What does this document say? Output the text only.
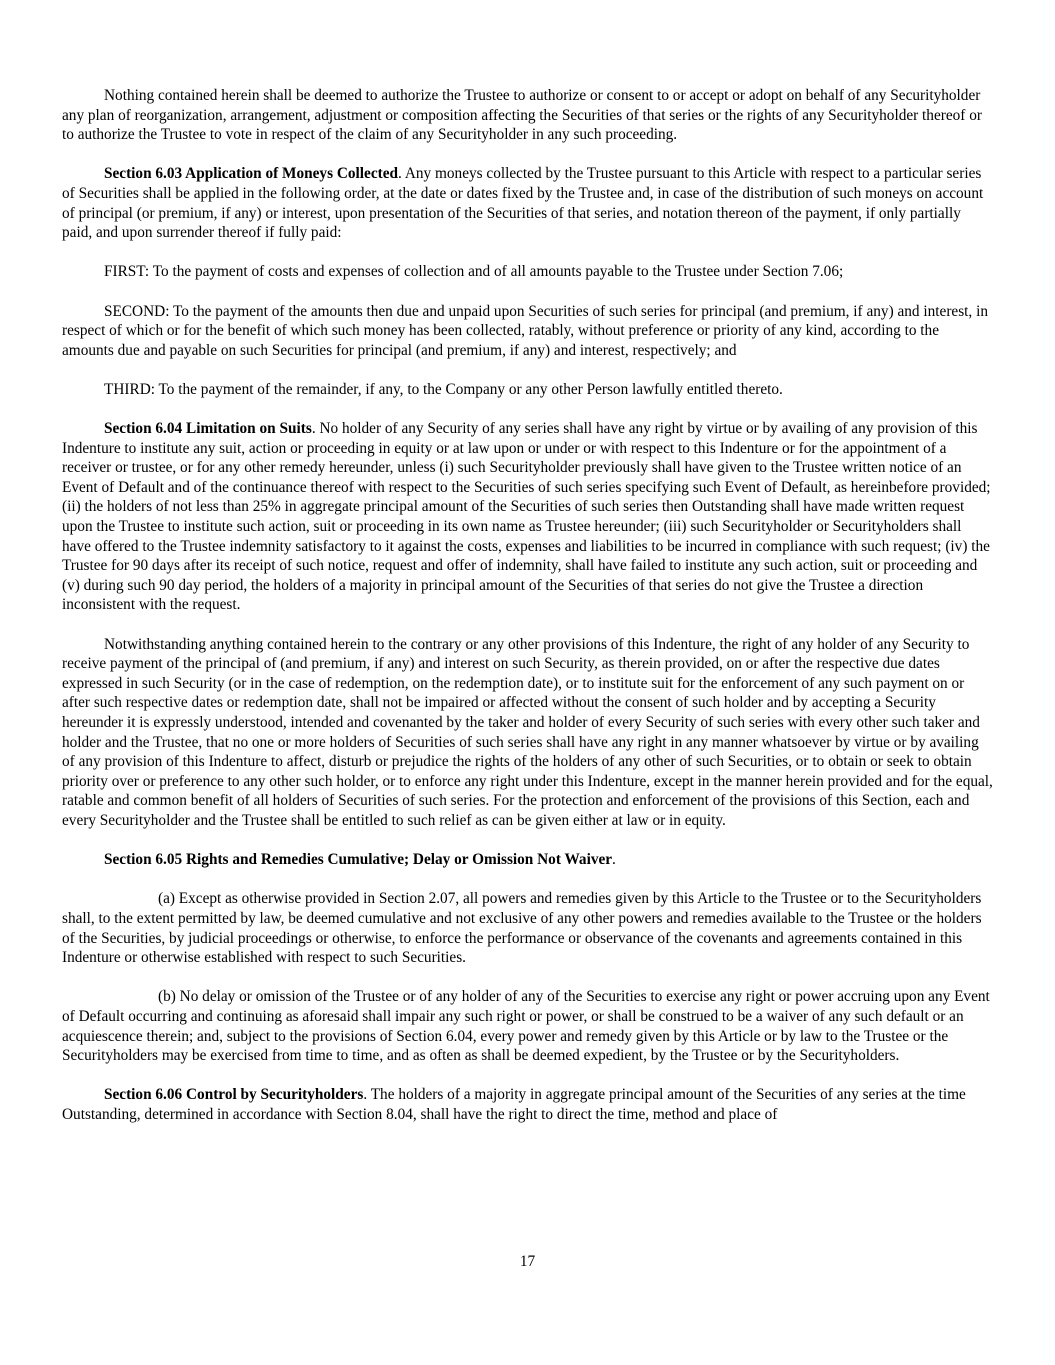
Nothing contained herein shall be deemed to authorize the Trustee to authorize or consent to or accept or adopt on behalf of any Securityholder any plan of reorganization, arrangement, adjustment or composition affecting the Securities of that series or the rights of any Securityholder thereof or to authorize the Trustee to vote in respect of the claim of any Securityholder in any such proceeding.

Section 6.03 Application of Moneys Collected. Any moneys collected by the Trustee pursuant to this Article with respect to a particular series of Securities shall be applied in the following order, at the date or dates fixed by the Trustee and, in case of the distribution of such moneys on account of principal (or premium, if any) or interest, upon presentation of the Securities of that series, and notation thereon of the payment, if only partially paid, and upon surrender thereof if fully paid:

FIRST: To the payment of costs and expenses of collection and of all amounts payable to the Trustee under Section 7.06;

SECOND: To the payment of the amounts then due and unpaid upon Securities of such series for principal (and premium, if any) and interest, in respect of which or for the benefit of which such money has been collected, ratably, without preference or priority of any kind, according to the amounts due and payable on such Securities for principal (and premium, if any) and interest, respectively; and

THIRD: To the payment of the remainder, if any, to the Company or any other Person lawfully entitled thereto.

Section 6.04 Limitation on Suits. No holder of any Security of any series shall have any right by virtue or by availing of any provision of this Indenture to institute any suit, action or proceeding in equity or at law upon or under or with respect to this Indenture or for the appointment of a receiver or trustee, or for any other remedy hereunder, unless (i) such Securityholder previously shall have given to the Trustee written notice of an Event of Default and of the continuance thereof with respect to the Securities of such series specifying such Event of Default, as hereinbefore provided; (ii) the holders of not less than 25% in aggregate principal amount of the Securities of such series then Outstanding shall have made written request upon the Trustee to institute such action, suit or proceeding in its own name as Trustee hereunder; (iii) such Securityholder or Securityholders shall have offered to the Trustee indemnity satisfactory to it against the costs, expenses and liabilities to be incurred in compliance with such request; (iv) the Trustee for 90 days after its receipt of such notice, request and offer of indemnity, shall have failed to institute any such action, suit or proceeding and (v) during such 90 day period, the holders of a majority in principal amount of the Securities of that series do not give the Trustee a direction inconsistent with the request.

Notwithstanding anything contained herein to the contrary or any other provisions of this Indenture, the right of any holder of any Security to receive payment of the principal of (and premium, if any) and interest on such Security, as therein provided, on or after the respective due dates expressed in such Security (or in the case of redemption, on the redemption date), or to institute suit for the enforcement of any such payment on or after such respective dates or redemption date, shall not be impaired or affected without the consent of such holder and by accepting a Security hereunder it is expressly understood, intended and covenanted by the taker and holder of every Security of such series with every other such taker and holder and the Trustee, that no one or more holders of Securities of such series shall have any right in any manner whatsoever by virtue or by availing of any provision of this Indenture to affect, disturb or prejudice the rights of the holders of any other of such Securities, or to obtain or seek to obtain priority over or preference to any other such holder, or to enforce any right under this Indenture, except in the manner herein provided and for the equal, ratable and common benefit of all holders of Securities of such series. For the protection and enforcement of the provisions of this Section, each and every Securityholder and the Trustee shall be entitled to such relief as can be given either at law or in equity.

Section 6.05 Rights and Remedies Cumulative; Delay or Omission Not Waiver.

(a) Except as otherwise provided in Section 2.07, all powers and remedies given by this Article to the Trustee or to the Securityholders shall, to the extent permitted by law, be deemed cumulative and not exclusive of any other powers and remedies available to the Trustee or the holders of the Securities, by judicial proceedings or otherwise, to enforce the performance or observance of the covenants and agreements contained in this Indenture or otherwise established with respect to such Securities.

(b) No delay or omission of the Trustee or of any holder of any of the Securities to exercise any right or power accruing upon any Event of Default occurring and continuing as aforesaid shall impair any such right or power, or shall be construed to be a waiver of any such default or an acquiescence therein; and, subject to the provisions of Section 6.04, every power and remedy given by this Article or by law to the Trustee or the Securityholders may be exercised from time to time, and as often as shall be deemed expedient, by the Trustee or by the Securityholders.

Section 6.06 Control by Securityholders. The holders of a majority in aggregate principal amount of the Securities of any series at the time Outstanding, determined in accordance with Section 8.04, shall have the right to direct the time, method and place of

17
